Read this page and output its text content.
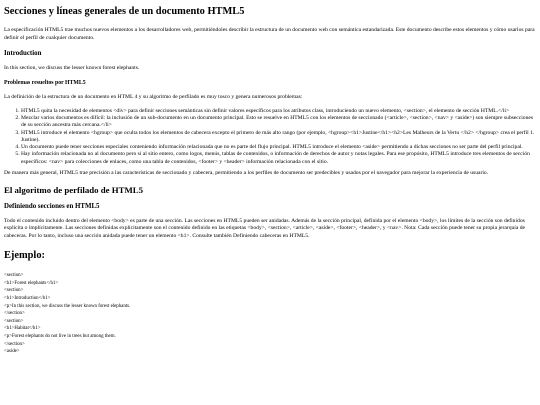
Secciones y líneas generales de un documento HTML5

La especificación HTML5 trae muchos nuevos elementos a los desarrolladores web, permitiéndoles describir la estructura de un documento web con semántica estandarizada. Este documento describe estos elementos y cómo usarlos para definir el perfil de cualquier documento.

Introduction

In this section, we discuss the lesser known forest elephants.

Problemas resueltos por HTML5

La definición de la estructura de un documento en HTML 4 y su algoritmo de perfilado es muy tosco y genera numerosos problemas:

1. HTML5 quita la necesidad de elementos <div> para definir secciones semánticas sin definir valores específicos para los atributos class, introduciendo un nuevo elemento, <section>, el elemento de sección HTML.</li>
2. Mezclar varios documentos es difícil: la inclusión de un sub-documento en un documento principal. Esto se resuelve en HTML5 con los elementos de seccionado (<article>, <section>, <nav> y <aside>) son siempre subsecciones de su sección ancestra más cercana.</li>
3. HTML5 introduce el elemento <hgroup> que oculta todos los elementos de cabecera excepto el primero de más alto rango (por ejemplo, <hgroup><h1>Justine</h1><h2>Les Malheurs de la Vertu </h2> </hgroup> crea el perfil 1. Justine).
4. Un documento puede tener secciones especiales conteniendo información relacionada que no es parte del flujo principal. HTML5 introduce el elemento <aside> permitiendo a dichas secciones no ser parte del perfil principal.
5. Hay información relacionada no al documento pero sí al sitio entero, como logos, menús, tablas de contenidos, o información de derechos de autor y notas legales. Para ese propósito, HTML5 introduce tres elementos de sección específicos: <nav> para colecciones de enlaces, como una tabla de contenidos, <footer> y <header> información relacionada con el sitio.

De manera más general, HTML5 trae precisión a las características de seccionado y cabecera, permitiendo a los perfiles de documento ser predecibles y usados por el navegador para mejorar la experiencia de usuario.

El algoritmo de perfilado de HTML5
Definiendo secciones en HTML5

Todo el contenido incluido dentro del elemento <body> es parte de una sección. Las secciones en HTML5 pueden ser anidadas. Además de la sección principal, definida por el elemento <body>, los límites de la sección son definidos explícita o implícitamente. Las secciones definidas explícitamente son el contenido definido en las etiquetas <body>, <section>, <article>, <aside>, <footer>, <header>, y <nav>. Nota: Cada sección puede tener su propia jerarquía de cabeceras. Por lo tanto, incluso una sección anidada puede tener un elemento <h1>. Consulte también Definiendo cabeceras en HTML5.

Ejemplo:
<section>
<h1>Forest elephants</h1>
<section>
<h1>Introduction</h1>
<p>In this section, we discuss the lesser known forest elephants.
</section>
<section>
<h1>Habitat</h1>
<p>Forest elephants do not live in trees but among them.
</section>
<aside>
